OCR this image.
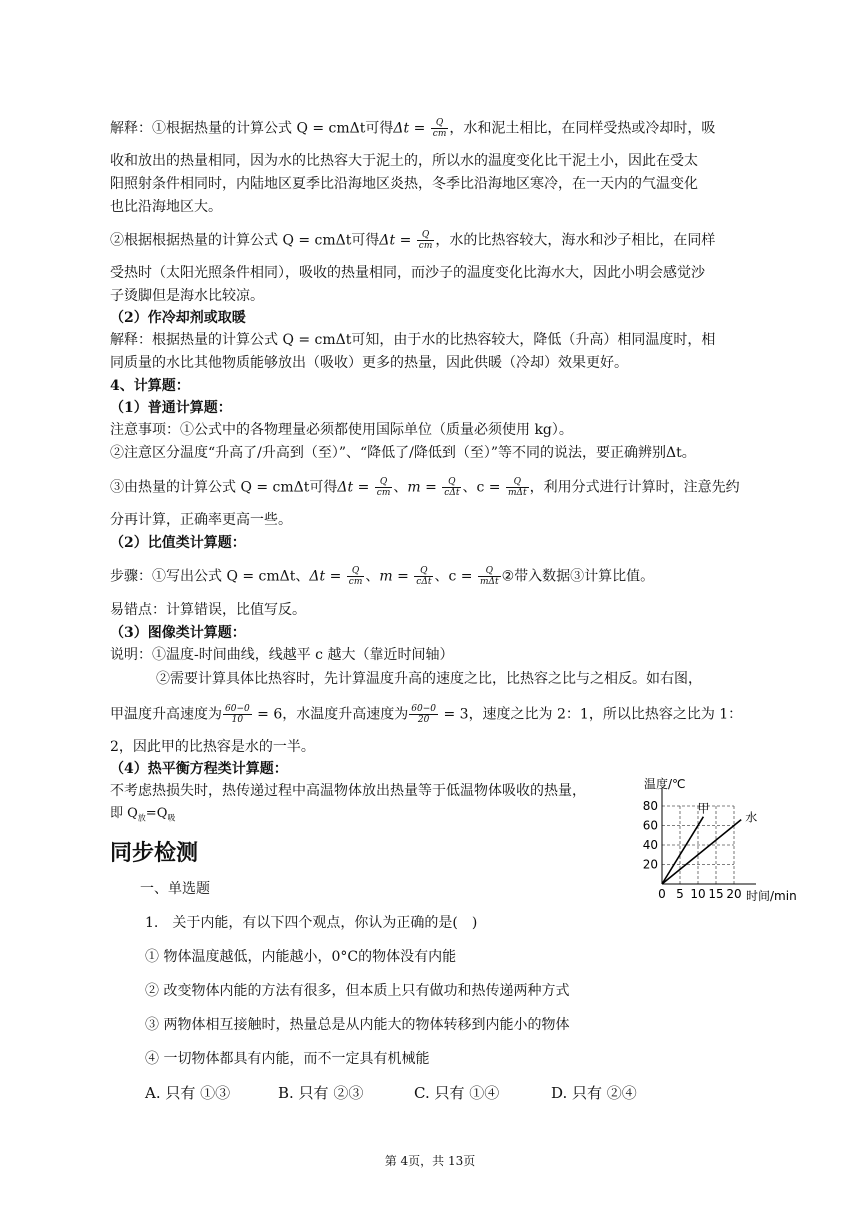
解释：①根据热量的计算公式 Q = cmΔt可得$\Delta t = \frac{Q}{cm}$ ，水和泥土相比，在同样受热或冷却时，吸
收和放出的热量相同，因为水的比热容大于泥土的，所以水的温度变化比干泥土小，因此在受太
阳照射条件相同时，内陆地区夏季比沿海地区炎热，冬季比沿海地区寒冷，在一天内的气温变化
也比沿海地区大。
②根据根据热量的计算公式 Q = cmΔt可得$\Delta t = \frac{Q}{cm}$ ，水的比热容较大，海水和沙子相比，在同样
受热时（太阳光照条件相同），吸收的热量相同，而沙子的温度变化比海水大，因此小明会感觉沙
子烫脚但是海水比较凉。
（2）作冷却剂或取暖
解释：根据热量的计算公式 Q = cmΔt可知，由于水的比热容较大，降低（升高）相同温度时，相
同质量的水比其他物质能够放出（吸收）更多的热量，因此供暖（冷却）效果更好。
4、计算题：
（1）普通计算题：
注意事项：①公式中的各物理量必须都使用国际单位（质量必须使用 kg）。
②注意区分温度“升高了/升高到（至）”、“降低了/降低到（至）”等不同的说法，要正确辨别Δt。
③由热量的计算公式 Q = cmΔt可得$\Delta t = \frac{Q}{cm}$ 、$m = \frac{Q}{\text{cΔt}}$ 、$c = \frac{Q}{\text{mΔt}}$ ，利用分式进行计算时，注意先约
分再计算，正确率更高一些。
（2）比值类计算题：
步骤：①写出公式 Q = cmΔt、$\Delta t = \frac{Q}{cm}$ 、$m = \frac{Q}{\text{cΔt}}$ 、$c = \frac{Q}{\text{mΔt}}$ ②带入数据③计算比值。
易错点：计算错误，比值写反。
（3）图像类计算题：
说明：①温度-时间曲线，线越平 c 越大（靠近时间轴）
②需要计算具体比热容时，先计算温度升高的速度之比，比热容之比与之相反。如右图，
甲温度升高速度为 $\frac{60-0}{10} = 6$，水温度升高速度为 $\frac{60-0}{20} = 3$，速度之比为 2：1，所以比热容之比为 1：
2，因此甲的比热容是水的一半。
（4）热平衡方程类计算题：
不考虑热损失时，热传递过程中高温物体放出热量等于低温物体吸收的热量，
即 $Q_放=Q_吸$
0 5 10 15 20
20
40
60
80	甲
水
温度/℃
时间/min
同步检测
一、单选题
1.　关于内能，有以下四个观点，你认为正确的是(　)
① 物体温度越低，内能越小，0°C的物体没有内能
② 改变物体内能的方法有很多，但本质上只有做功和热传递两种方式
③ 两物体相互接触时，热量总是从内能大的物体转移到内能小的物体
④ 一切物体都具有内能，而不一定具有机械能
A. 只有 ①③	B. 只有 ②③	C. 只有 ①④	D. 只有 ②④
第 4页，共 13页
